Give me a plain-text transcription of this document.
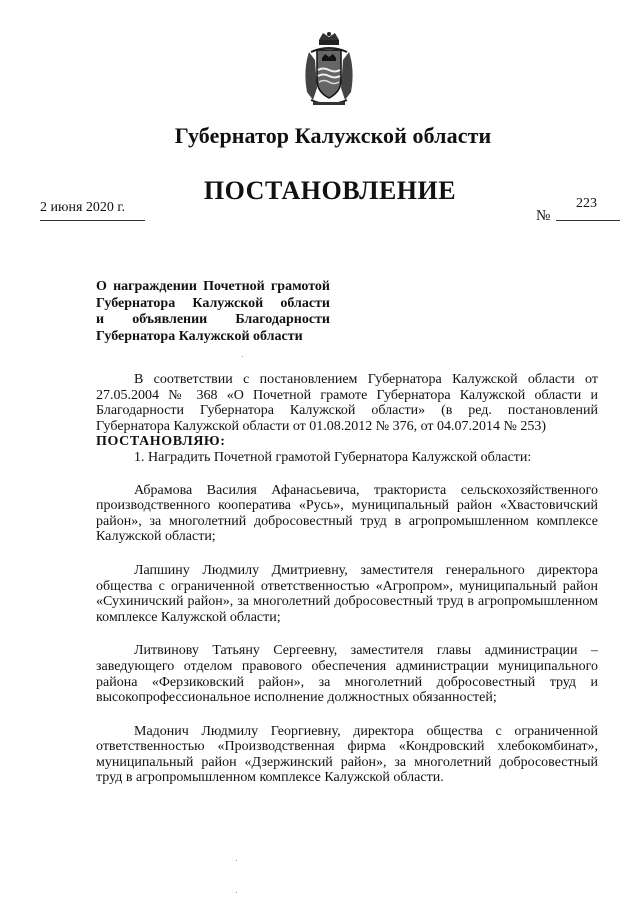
Губернатор Калужской области
ПОСТАНОВЛЕНИЕ
2 июня 2020 г.
№
223
О награждении Почетной грамотой
Губернатора Калужской области
и объявлении Благодарности
Губернатора Калужской области

В соответствии с постановлением Губернатора Калужской области от 27.05.2004 № 368 «О Почетной грамоте Губернатора Калужской области и Благодарности Губернатора Калужской области» (в ред. постановлений Губернатора Калужской области от 01.08.2012 № 376, от 04.07.2014 № 253)

ПОСТАНОВЛЯЮ:

1. Наградить Почетной грамотой Губернатора Калужской области:

Абрамова Василия Афанасьевича, тракториста сельскохозяйственного производственного кооператива «Русь», муниципальный район «Хвастовичский район», за многолетний добросовестный труд в агропромышленном комплексе Калужской области;

Лапшину Людмилу Дмитриевну, заместителя генерального директора общества с ограниченной ответственностью «Агропром», муниципальный район «Сухиничский район», за многолетний добросовестный труд в агропромышленном комплексе Калужской области;

Литвинову Татьяну Сергеевну, заместителя главы администрации – заведующего отделом правового обеспечения администрации муниципального района «Ферзиковский район», за многолетний добросовестный труд и высокопрофессиональное исполнение должностных обязанностей;

Мадонич Людмилу Георгиевну, директора общества с ограниченной ответственностью «Производственная фирма «Кондровский хлебокомбинат», муниципальный район «Дзержинский район», за многолетний добросовестный труд в агропромышленном комплексе Калужской области.
